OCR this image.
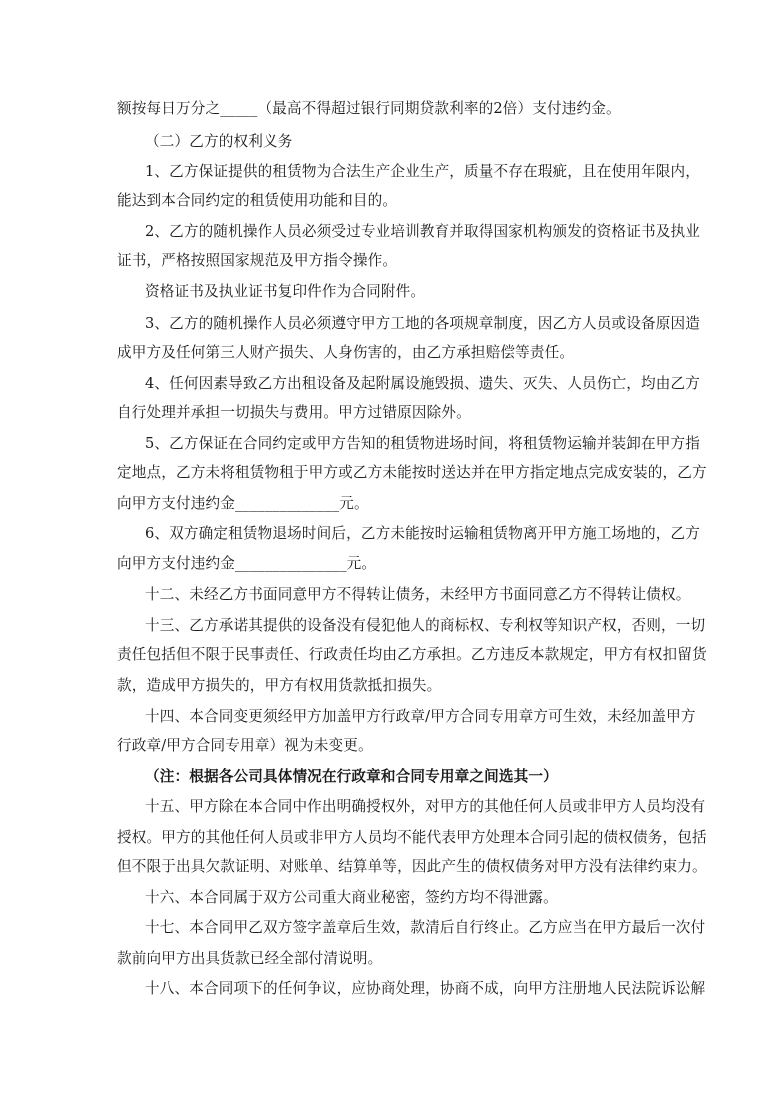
额按每日万分之_____（最高不得超过银行同期贷款利率的2倍）支付违约金。
（二）乙方的权利义务
1、乙方保证提供的租赁物为合法生产企业生产，质量不存在瑕疵，且在使用年限内，
能达到本合同约定的租赁使用功能和目的。
2、乙方的随机操作人员必须受过专业培训教育并取得国家机构颁发的资格证书及执业
证书，严格按照国家规范及甲方指令操作。
资格证书及执业证书复印件作为合同附件。
3、乙方的随机操作人员必须遵守甲方工地的各项规章制度，因乙方人员或设备原因造
成甲方及任何第三人财产损失、人身伤害的，由乙方承担赔偿等责任。
4、任何因素导致乙方出租设备及起附属设施毁损、遗失、灭失、人员伤亡，均由乙方
自行处理并承担一切损失与费用。甲方过错原因除外。
5、乙方保证在合同约定或甲方告知的租赁物进场时间，将租赁物运输并装卸在甲方指
定地点，乙方未将租赁物租于甲方或乙方未能按时送达并在甲方指定地点完成安装的，乙方
向甲方支付违约金______________元。
6、双方确定租赁物退场时间后，乙方未能按时运输租赁物离开甲方施工场地的，乙方
向甲方支付违约金_______________元。
十二、未经乙方书面同意甲方不得转让债务，未经甲方书面同意乙方不得转让债权。
十三、乙方承诺其提供的设备没有侵犯他人的商标权、专利权等知识产权，否则，一切
责任包括但不限于民事责任、行政责任均由乙方承担。乙方违反本款规定，甲方有权扣留货
款，造成甲方损失的，甲方有权用货款抵扣损失。
十四、本合同变更须经甲方加盖甲方行政章/甲方合同专用章方可生效，未经加盖甲方
行政章/甲方合同专用章）视为未变更。
（注：根据各公司具体情况在行政章和合同专用章之间选其一）
十五、甲方除在本合同中作出明确授权外，对甲方的其他任何人员或非甲方人员均没有
授权。甲方的其他任何人员或非甲方人员均不能代表甲方处理本合同引起的债权债务，包括
但不限于出具欠款证明、对账单、结算单等，因此产生的债权债务对甲方没有法律约束力。
十六、本合同属于双方公司重大商业秘密，签约方均不得泄露。
十七、本合同甲乙双方签字盖章后生效，款清后自行终止。乙方应当在甲方最后一次付
款前向甲方出具货款已经全部付清说明。
十八、本合同项下的任何争议，应协商处理，协商不成，向甲方注册地人民法院诉讼解
